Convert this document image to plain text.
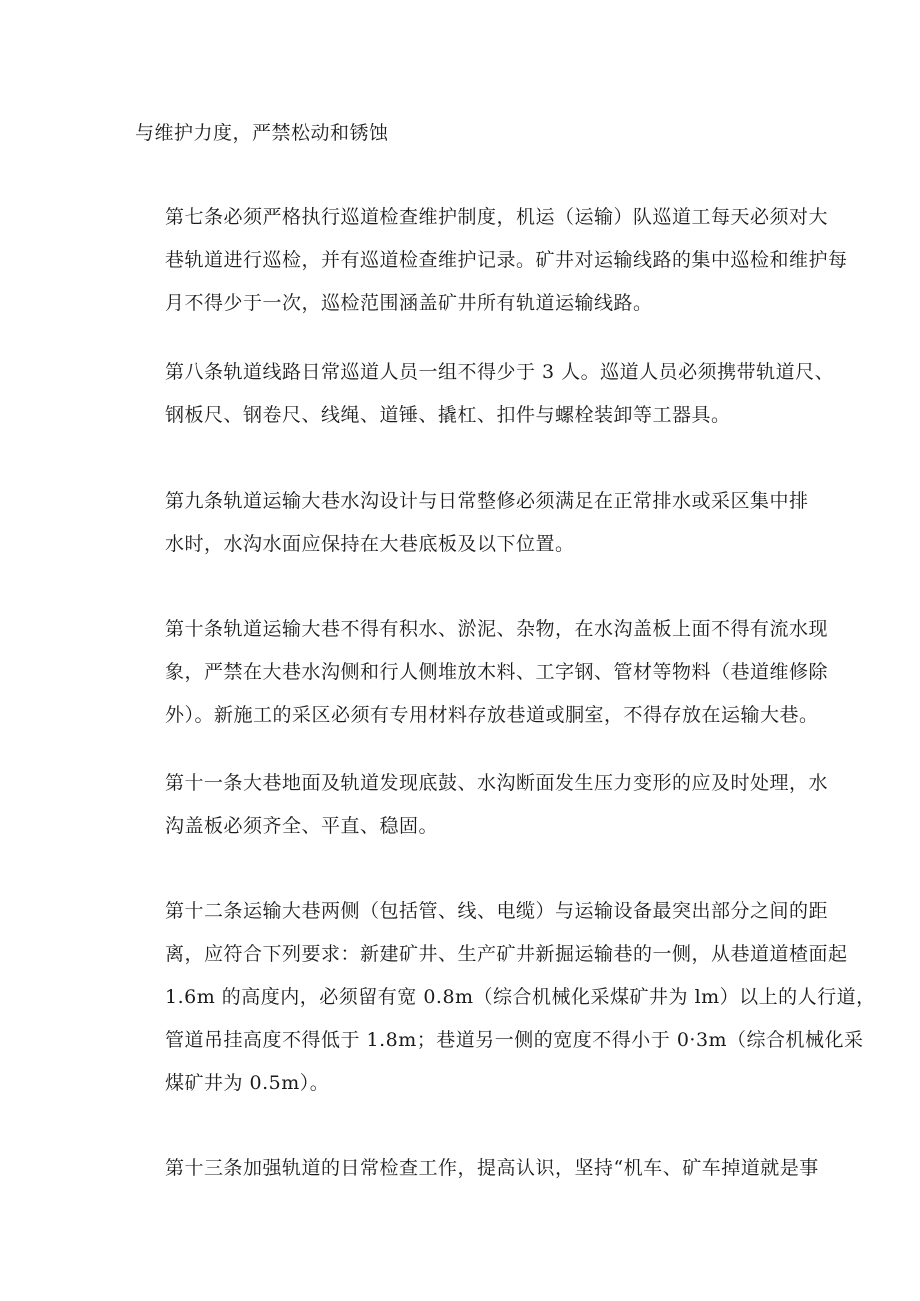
与维护力度，严禁松动和锈蚀

第七条必须严格执行巡道检查维护制度，机运（运输）队巡道工每天必须对大
巷轨道进行巡检，并有巡道检查维护记录。矿井对运输线路的集中巡检和维护每
月不得少于一次，巡检范围涵盖矿井所有轨道运输线路。

第八条轨道线路日常巡道人员一组不得少于 3 人。巡道人员必须携带轨道尺、
钢板尺、钢卷尺、线绳、道锤、撬杠、扣件与螺栓装卸等工器具。

第九条轨道运输大巷水沟设计与日常整修必须满足在正常排水或采区集中排
水时，水沟水面应保持在大巷底板及以下位置。

第十条轨道运输大巷不得有积水、淤泥、杂物，在水沟盖板上面不得有流水现
象，严禁在大巷水沟侧和行人侧堆放木料、工字钢、管材等物料（巷道维修除
外）。新施工的采区必须有专用材料存放巷道或胴室，不得存放在运输大巷。

第十一条大巷地面及轨道发现底鼓、水沟断面发生压力变形的应及时处理，水
沟盖板必须齐全、平直、稳固。

第十二条运输大巷两侧（包括管、线、电缆）与运输设备最突出部分之间的距
离，应符合下列要求：新建矿井、生产矿井新掘运输巷的一侧，从巷道道楂面起
1.6m 的高度内，必须留有宽 0.8m（综合机械化采煤矿井为 lm）以上的人行道，
管道吊挂高度不得低于 1.8m；巷道另一侧的宽度不得小于 0·3m（综合机械化采
煤矿井为 0.5m）。

第十三条加强轨道的日常检查工作，提高认识，坚持“机车、矿车掉道就是事
